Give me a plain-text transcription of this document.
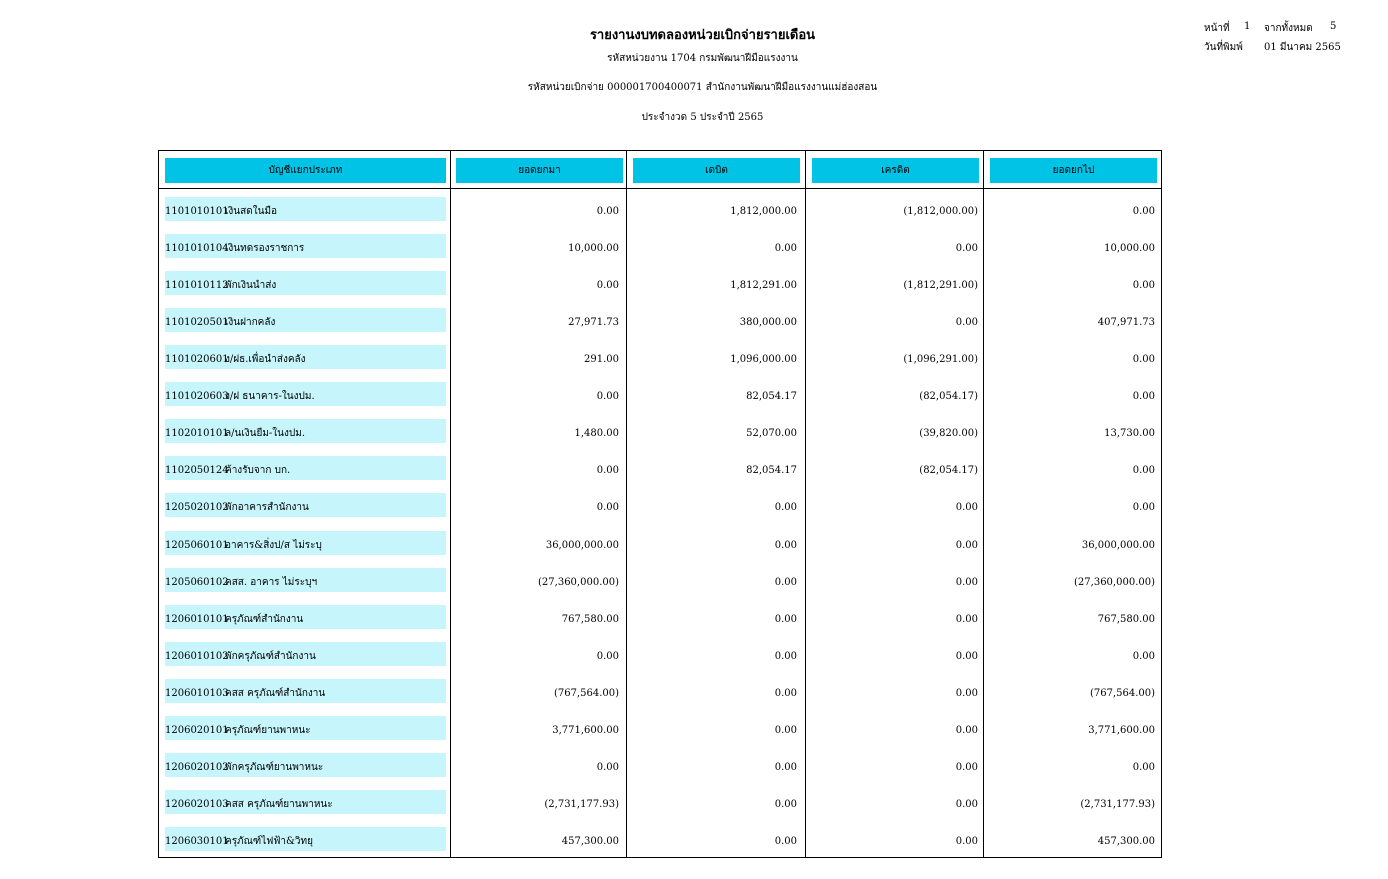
รายงานงบทดลองหน่วยเบิกจ่ายรายเดือน
รหัสหน่วยงาน 1704 กรมพัฒนาฝีมือแรงงาน
รหัสหน่วยเบิกจ่าย 000001700400071 สำนักงานพัฒนาฝีมือแรงงานแม่ฮ่องสอน
ประจำงวด 5 ประจำปี 2565
หน้าที่ 1 จากทั้งหมด 5
วันที่พิมพ์ 01 มีนาคม 2565
บัญชีแยกประเภท	ยอดยกมา	เดบิต	เครดิต	ยอดยกไป
1101010101เงินสดในมือ	0.00	1,812,000.00	(1,812,000.00)	0.00
1101010104เงินทดรองราชการ	10,000.00	0.00	0.00	10,000.00
1101010112พักเงินนำส่ง	0.00	1,812,291.00	(1,812,291.00)	0.00
1101020501เงินฝากคลัง	27,971.73	380,000.00	0.00	407,971.73
1101020601ง/ฝธ.เพื่อนำส่งคลัง	291.00	1,096,000.00	(1,096,291.00)	0.00
1101020603ง/ฝ ธนาคาร-ในงปม.	0.00	82,054.17	(82,054.17)	0.00
1102010101ล/นเงินยืม-ในงปม.	1,480.00	52,070.00	(39,820.00)	13,730.00
1102050124ค้างรับจาก บก.	0.00	82,054.17	(82,054.17)	0.00
1205020102พักอาคารสำนักงาน	0.00	0.00	0.00	0.00
1205060101อาคาร&สิ่งป/ส ไม่ระบุ	36,000,000.00	0.00	0.00	36,000,000.00
1205060102คสส. อาคาร ไม่ระบุฯ	(27,360,000.00)	0.00	0.00	(27,360,000.00)
1206010101ครุภัณฑ์สำนักงาน	767,580.00	0.00	0.00	767,580.00
1206010102พักครุภัณฑ์สำนักงาน	0.00	0.00	0.00	0.00
1206010103คสส ครุภัณฑ์สำนักงาน	(767,564.00)	0.00	0.00	(767,564.00)
1206020101ครุภัณฑ์ยานพาหนะ	3,771,600.00	0.00	0.00	3,771,600.00
1206020102พักครุภัณฑ์ยานพาหนะ	0.00	0.00	0.00	0.00
1206020103คสส ครุภัณฑ์ยานพาหนะ	(2,731,177.93)	0.00	0.00	(2,731,177.93)
1206030101ครุภัณฑ์ไฟฟ้า&วิทยุ	457,300.00	0.00	0.00	457,300.00
